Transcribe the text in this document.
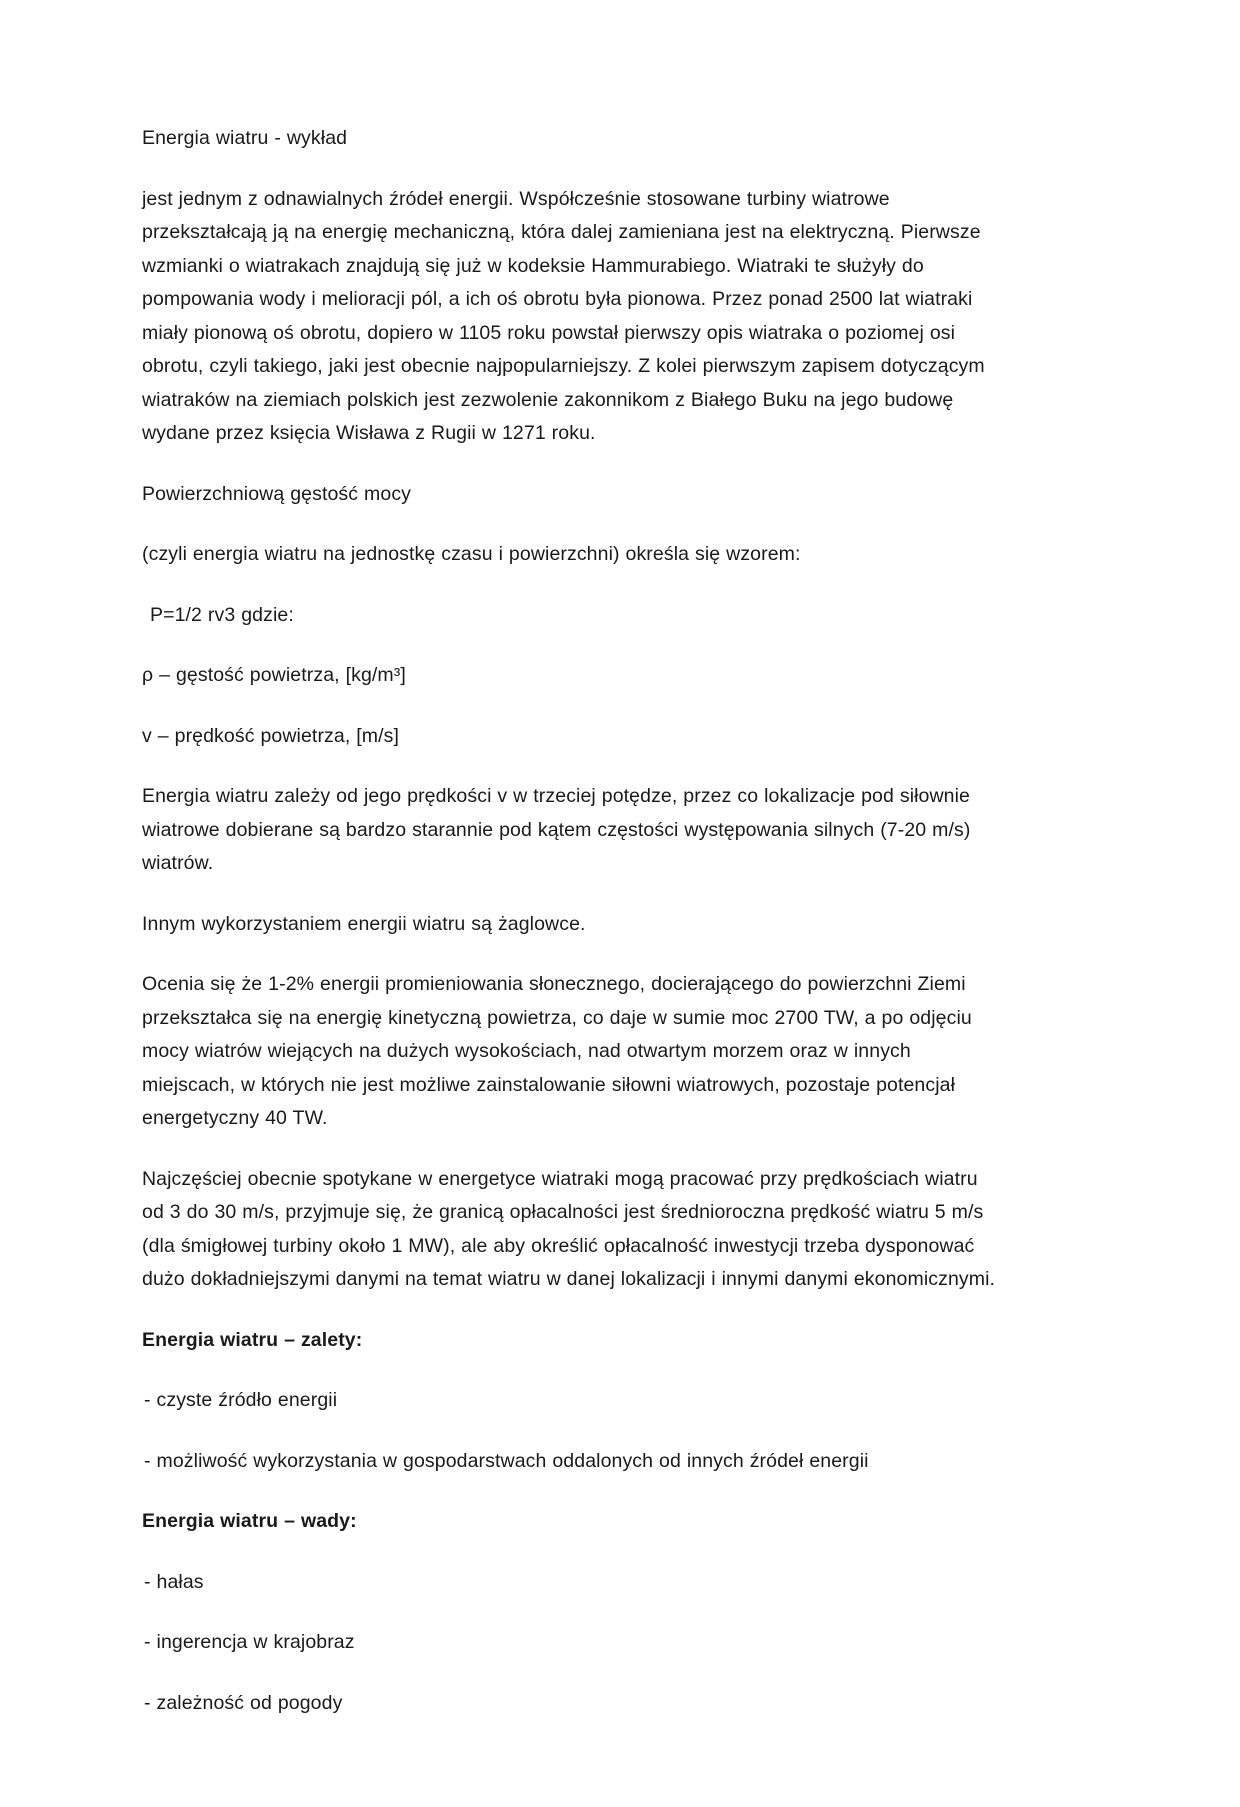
Energia wiatru - wykład

jest jednym z odnawialnych źródeł energii. Współcześnie stosowane turbiny wiatrowe przekształcają ją na energię mechaniczną, która dalej zamieniana jest na elektryczną. Pierwsze wzmianki o wiatrakach znajdują się już w kodeksie Hammurabiego. Wiatraki te służyły do pompowania wody i melioracji pól, a ich oś obrotu była pionowa. Przez ponad 2500 lat wiatraki miały pionową oś obrotu, dopiero w 1105 roku powstał pierwszy opis wiatraka o poziomej osi obrotu, czyli takiego, jaki jest obecnie najpopularniejszy. Z kolei pierwszym zapisem dotyczącym wiatraków na ziemiach polskich jest zezwolenie zakonnikom z Białego Buku na jego budowę wydane przez księcia Wisława z Rugii w 1271 roku.

Powierzchniową gęstość mocy

(czyli energia wiatru na jednostkę czasu i powierzchni) określa się wzorem:

P=1/2 rv3 gdzie:

ρ – gęstość powietrza, [kg/m³]

v – prędkość powietrza, [m/s]

Energia wiatru zależy od jego prędkości v w trzeciej potędze, przez co lokalizacje pod siłownie wiatrowe dobierane są bardzo starannie pod kątem częstości występowania silnych (7-20 m/s) wiatrów.

Innym wykorzystaniem energii wiatru są żaglowce.

Ocenia się że 1-2% energii promieniowania słonecznego, docierającego do powierzchni Ziemi przekształca się na energię kinetyczną powietrza, co daje w sumie moc 2700 TW, a po odjęciu mocy wiatrów wiejących na dużych wysokościach, nad otwartym morzem oraz w innych miejscach, w których nie jest możliwe zainstalowanie siłowni wiatrowych, pozostaje potencjał energetyczny 40 TW.

Najczęściej obecnie spotykane w energetyce wiatraki mogą pracować przy prędkościach wiatru od 3 do 30 m/s, przyjmuje się, że granicą opłacalności jest średnioroczna prędkość wiatru 5 m/s (dla śmigłowej turbiny około 1 MW), ale aby określić opłacalność inwestycji trzeba dysponować dużo dokładniejszymi danymi na temat wiatru w danej lokalizacji i innymi danymi ekonomicznymi.

Energia wiatru – zalety:

- czyste źródło energii

- możliwość wykorzystania w gospodarstwach oddalonych od innych źródeł energii

Energia wiatru – wady:

- hałas

- ingerencja w krajobraz

- zależność od pogody
